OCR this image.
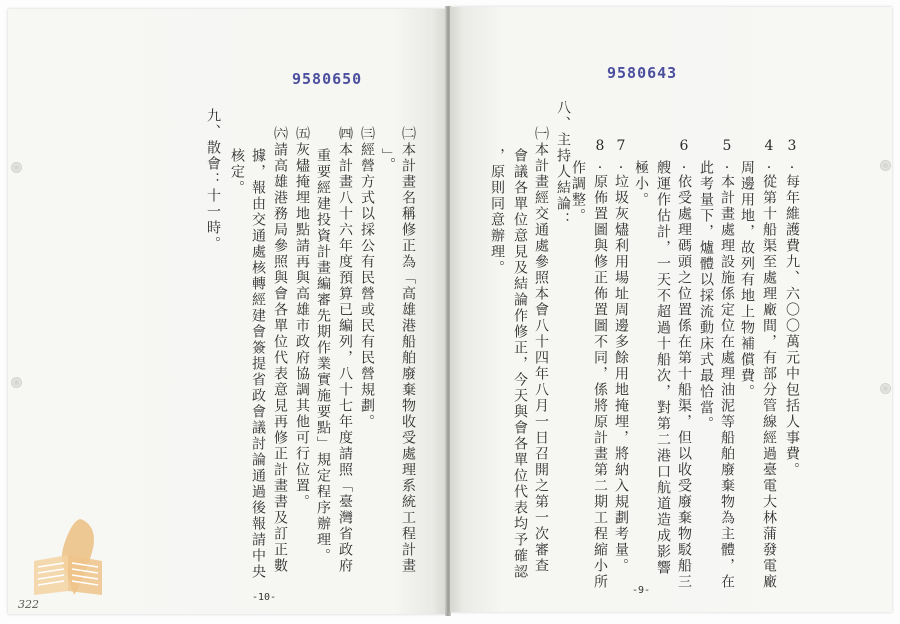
9580650
㈡本計畫名稱修正為「高雄港船舶廢棄物收受處理系統工程計畫
」。
㈢經營方式以採公有民營或民有民營規劃。
㈣本計畫八十六年度預算已編列，八十七年度請照「臺灣省政府
重要經建投資計畫編審先期作業實施要點」規定程序辦理。
㈤灰燼掩埋地點請再與高雄市政府協調其他可行位置。
㈥請高雄港務局參照與會各單位代表意見再修正計畫書及訂正數
據，報由交通處核轉經建會簽提省政會議討論通過後報請中央
核定。
九、散會：十一時。
-10-
322
9580643
3.每年維護費九、六〇〇萬元中包括人事費。
4.從第十船渠至處理廠間，有部分管線經過臺電大林蒲發電廠
周邊用地，故列有地上物補償費。
5.本計畫處理設施係定位在處理油泥等船舶廢棄物為主體，在
此考量下，爐體以採流動床式最恰當。
6.依受處理碼頭之位置係在第十船渠，但以收受廢棄物駁船三
艘運作估計，一天不超過十船次，對第二港口航道造成影響
極小。
7.垃圾灰燼利用場址周邊多餘用地掩埋，將納入規劃考量。
8.原佈置圖與修正佈置圖不同，係將原計畫第二期工程縮小所
作調整。
八、主持人結論：
㈠本計畫經交通處參照本會八十四年八月一日召開之第一次審查
會議各單位意見及結論作修正，今天與會各單位代表均予確認
，原則同意辦理。
-9-
